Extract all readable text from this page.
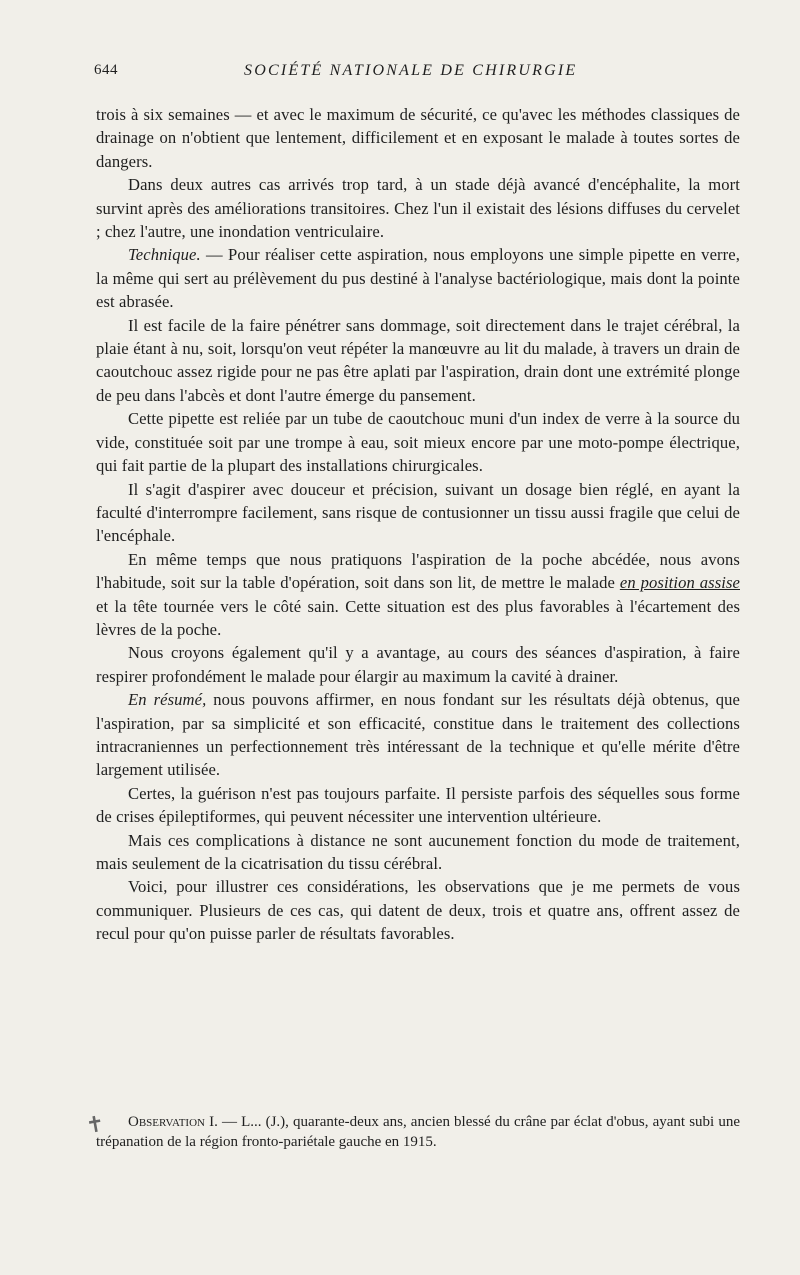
644	SOCIÉTÉ NATIONALE DE CHIRURGIE

trois à six semaines — et avec le maximum de sécurité, ce qu'avec les méthodes classiques de drainage on n'obtient que lentement, difficilement et en exposant le malade à toutes sortes de dangers.

Dans deux autres cas arrivés trop tard, à un stade déjà avancé d'encéphalite, la mort survint après des améliorations transitoires. Chez l'un il existait des lésions diffuses du cervelet ; chez l'autre, une inondation ventriculaire.

Technique. — Pour réaliser cette aspiration, nous employons une simple pipette en verre, la même qui sert au prélèvement du pus destiné à l'analyse bactériologique, mais dont la pointe est abrasée.

Il est facile de la faire pénétrer sans dommage, soit directement dans le trajet cérébral, la plaie étant à nu, soit, lorsqu'on veut répéter la manœuvre au lit du malade, à travers un drain de caoutchouc assez rigide pour ne pas être aplati par l'aspiration, drain dont une extrémité plonge de peu dans l'abcès et dont l'autre émerge du pansement.

Cette pipette est reliée par un tube de caoutchouc muni d'un index de verre à la source du vide, constituée soit par une trompe à eau, soit mieux encore par une moto-pompe électrique, qui fait partie de la plupart des installations chirurgicales.

Il s'agit d'aspirer avec douceur et précision, suivant un dosage bien réglé, en ayant la faculté d'interrompre facilement, sans risque de contusionner un tissu aussi fragile que celui de l'encéphale.

En même temps que nous pratiquons l'aspiration de la poche abcédée, nous avons l'habitude, soit sur la table d'opération, soit dans son lit, de mettre le malade en position assise et la tête tournée vers le côté sain. Cette situation est des plus favorables à l'écartement des lèvres de la poche.

Nous croyons également qu'il y a avantage, au cours des séances d'aspiration, à faire respirer profondément le malade pour élargir au maximum la cavité à drainer.

En résumé, nous pouvons affirmer, en nous fondant sur les résultats déjà obtenus, que l'aspiration, par sa simplicité et son efficacité, constitue dans le traitement des collections intracraniennes un perfectionnement très intéressant de la technique et qu'elle mérite d'être largement utilisée.

Certes, la guérison n'est pas toujours parfaite. Il persiste parfois des séquelles sous forme de crises épileptiformes, qui peuvent nécessiter une intervention ultérieure.

Mais ces complications à distance ne sont aucunement fonction du mode de traitement, mais seulement de la cicatrisation du tissu cérébral.

Voici, pour illustrer ces considérations, les observations que je me permets de vous communiquer. Plusieurs de ces cas, qui datent de deux, trois et quatre ans, offrent assez de recul pour qu'on puisse parler de résultats favorables.

✝	Observation I. — L... (J.), quarante-deux ans, ancien blessé du crâne par éclat d'obus, ayant subi une trépanation de la région fronto-pariétale gauche en 1915.
